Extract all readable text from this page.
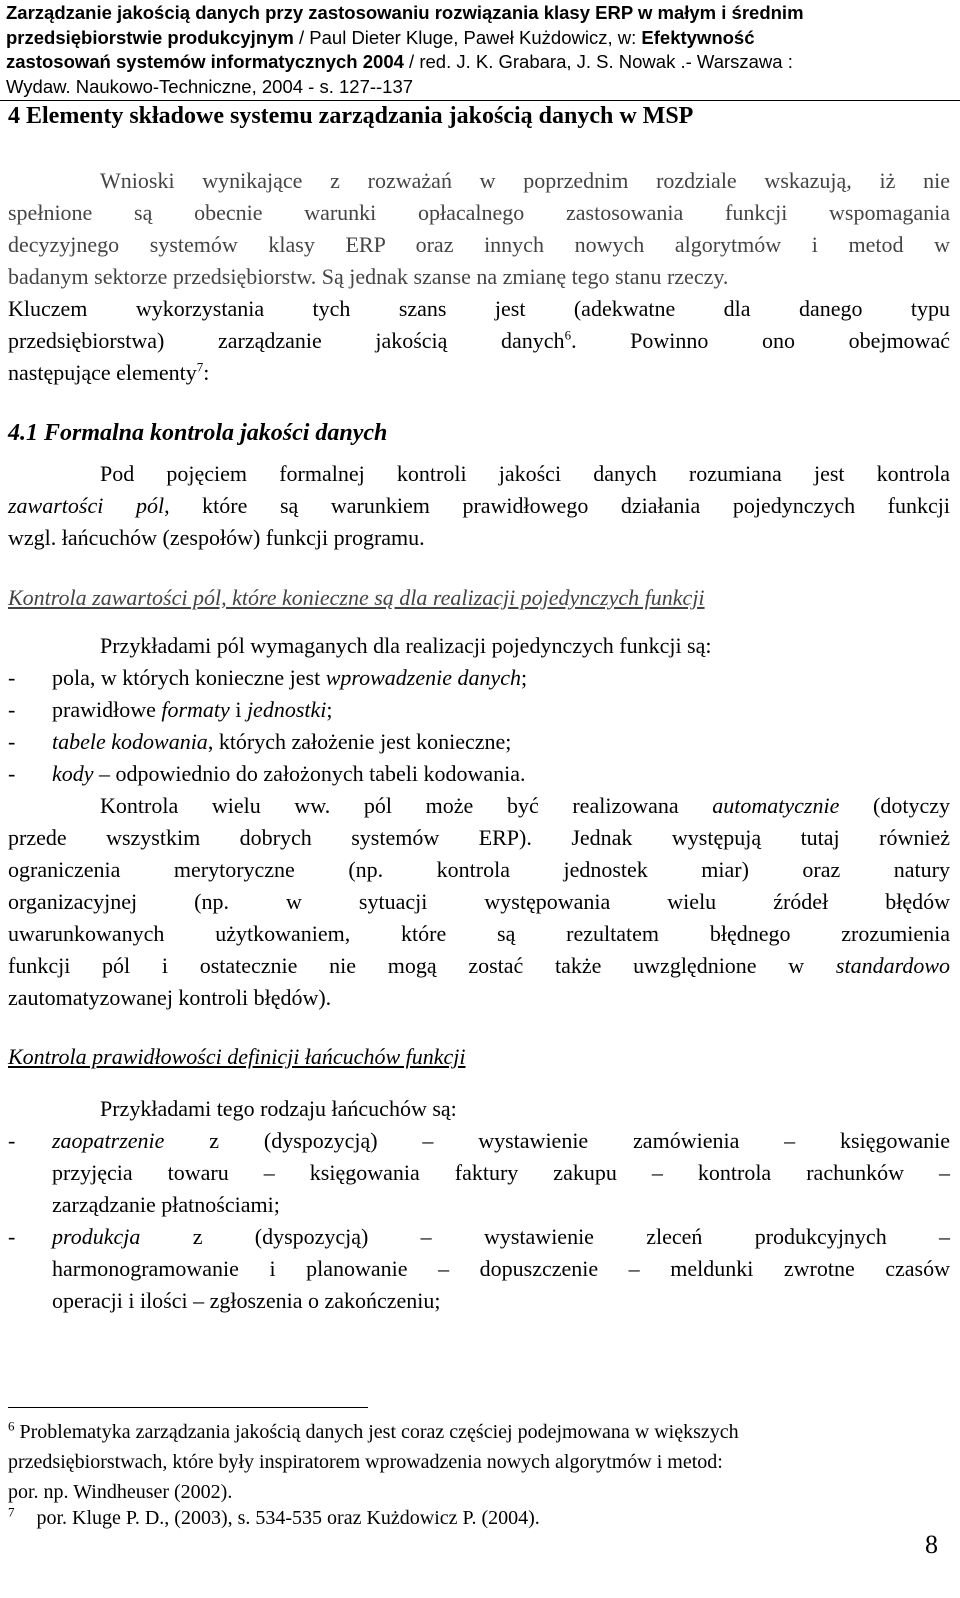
Zarządzanie jakością danych przy zastosowaniu rozwiązania klasy ERP w małym i średnim
przedsiębiorstwie produkcyjnym / Paul Dieter Kluge, Paweł Kużdowicz, w: Efektywność
zastosowań systemów informatycznych 2004 / red. J. K. Grabara, J. S. Nowak .- Warszawa :
Wydaw. Naukowo-Techniczne, 2004 - s. 127--137
4 Elementy składowe systemu zarządzania jakością danych w MSP
Wnioski wynikające z rozważań w poprzednim rozdziale wskazują, iż nie
spełnione są obecnie warunki opłacalnego zastosowania funkcji wspomagania
decyzyjnego systemów klasy ERP oraz innych nowych algorytmów i metod w
badanym sektorze przedsiębiorstw. Są jednak szanse na zmianę tego stanu rzeczy.
Kluczem wykorzystania tych szans jest (adekwatne dla danego typu
przedsiębiorstwa) zarządzanie jakością danych$^6$. Powinno ono obejmować
następujące elementy$^7$:
4.1 Formalna kontrola jakości danych
Pod pojęciem formalnej kontroli jakości danych rozumiana jest kontrola
zawartości pól, które są warunkiem prawidłowego działania pojedynczych funkcji
wzgl. łańcuchów (zespołów) funkcji programu.
Kontrola zawartości pól, które konieczne są dla realizacji pojedynczych funkcji
Przykładami pól wymaganych dla realizacji pojedynczych funkcji są:
- pola, w których konieczne jest wprowadzenie danych;
- prawidłowe formaty i jednostki;
- tabele kodowania, których założenie jest konieczne;
- kody – odpowiednio do założonych tabeli kodowania.
Kontrola wielu ww. pól może być realizowana automatycznie (dotyczy
przede wszystkim dobrych systemów ERP). Jednak występują tutaj również
ograniczenia merytoryczne (np. kontrola jednostek miar) oraz natury
organizacyjnej (np. w sytuacji występowania wielu źródeł błędów
uwarunkowanych użytkowaniem, które są rezultatem błędnego zrozumienia
funkcji pól i ostatecznie nie mogą zostać także uwzględnione w standardowo
zautomatyzowanej kontroli błędów).
Kontrola prawidłowości definicji łańcuchów funkcji
Przykładami tego rodzaju łańcuchów są:
- zaopatrzenie z (dyspozycją) – wystawienie zamówienia – księgowanie
przyjęcia towaru – księgowania faktury zakupu – kontrola rachunków –
zarządzanie płatnościami;
- produkcja z (dyspozycją) – wystawienie zleceń produkcyjnych –
harmonogramowanie i planowanie – dopuszczenie – meldunki zwrotne czasów
operacji i ilości – zgłoszenia o zakończeniu;
$^6$ Problematyka zarządzania jakością danych jest coraz częściej podejmowana w większych
przedsiębiorstwach, które były inspiratorem wprowadzenia nowych algorytmów i metod:
por. np. Windheuser (2002).
$^7$ por. Kluge P. D., (2003), s. 534-535 oraz Kużdowicz P. (2004).
8
